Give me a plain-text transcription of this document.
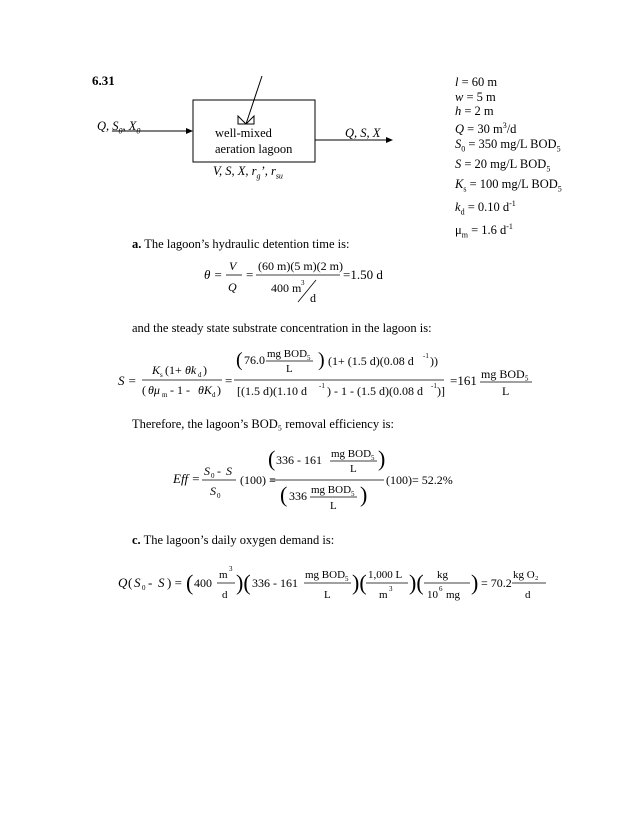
6.31
Q, $S_0$, $X_0$	well-mixed
aeration lagoon
Q, S, X
V, S, X, $r_g$’, $r_{su}$
l = 60 m
w = 5 m
h = 2 m
Q = 30 $m^3/d$
$S_0 = 350$ mg/L $BOD_5$
S = 20 mg/L $BOD_5$
$K_s = 100$ mg/L $BOD_5$
$k_d = 0.10$ $d^{-1}$
$\mu_m = 1.6$ $d^{-1}$
a. The lagoon’s hydraulic detention time is:
θ =
V
Q
=
(60 m)(5 m)(2 m)
400 m 3
d
=1.50 d
and the steady state substrate concentration in the lagoon is:
S =
K s (1+ θk d )
( θμ m - 1 - θK d )
=
( 76.0 mg BOD 5
L ) (1+ (1.5 d)(0.08 d -1 ))
[(1.5 d)(1.10 d -1 ) - 1 - (1.5 d)(0.08 d -1 )]
=161 mg BOD₅
L
Therefore, the lagoon’s BOD₅ removal efficiency is:
Eff = S 0 - S
S 0
(100) =
( 336 - 161 mg BOD 5
L )
( 336 mg BOD 5
L )
(100)= 52.2%
c. The lagoon’s daily oxygen demand is:
Q ( S 0 - S ) = ( 400
m 3
d )( 336 - 161
mg BOD 5
L )( 1,000 L
m 3 )( kg
10 6 mg ) = 70.2
kg O₂
d
